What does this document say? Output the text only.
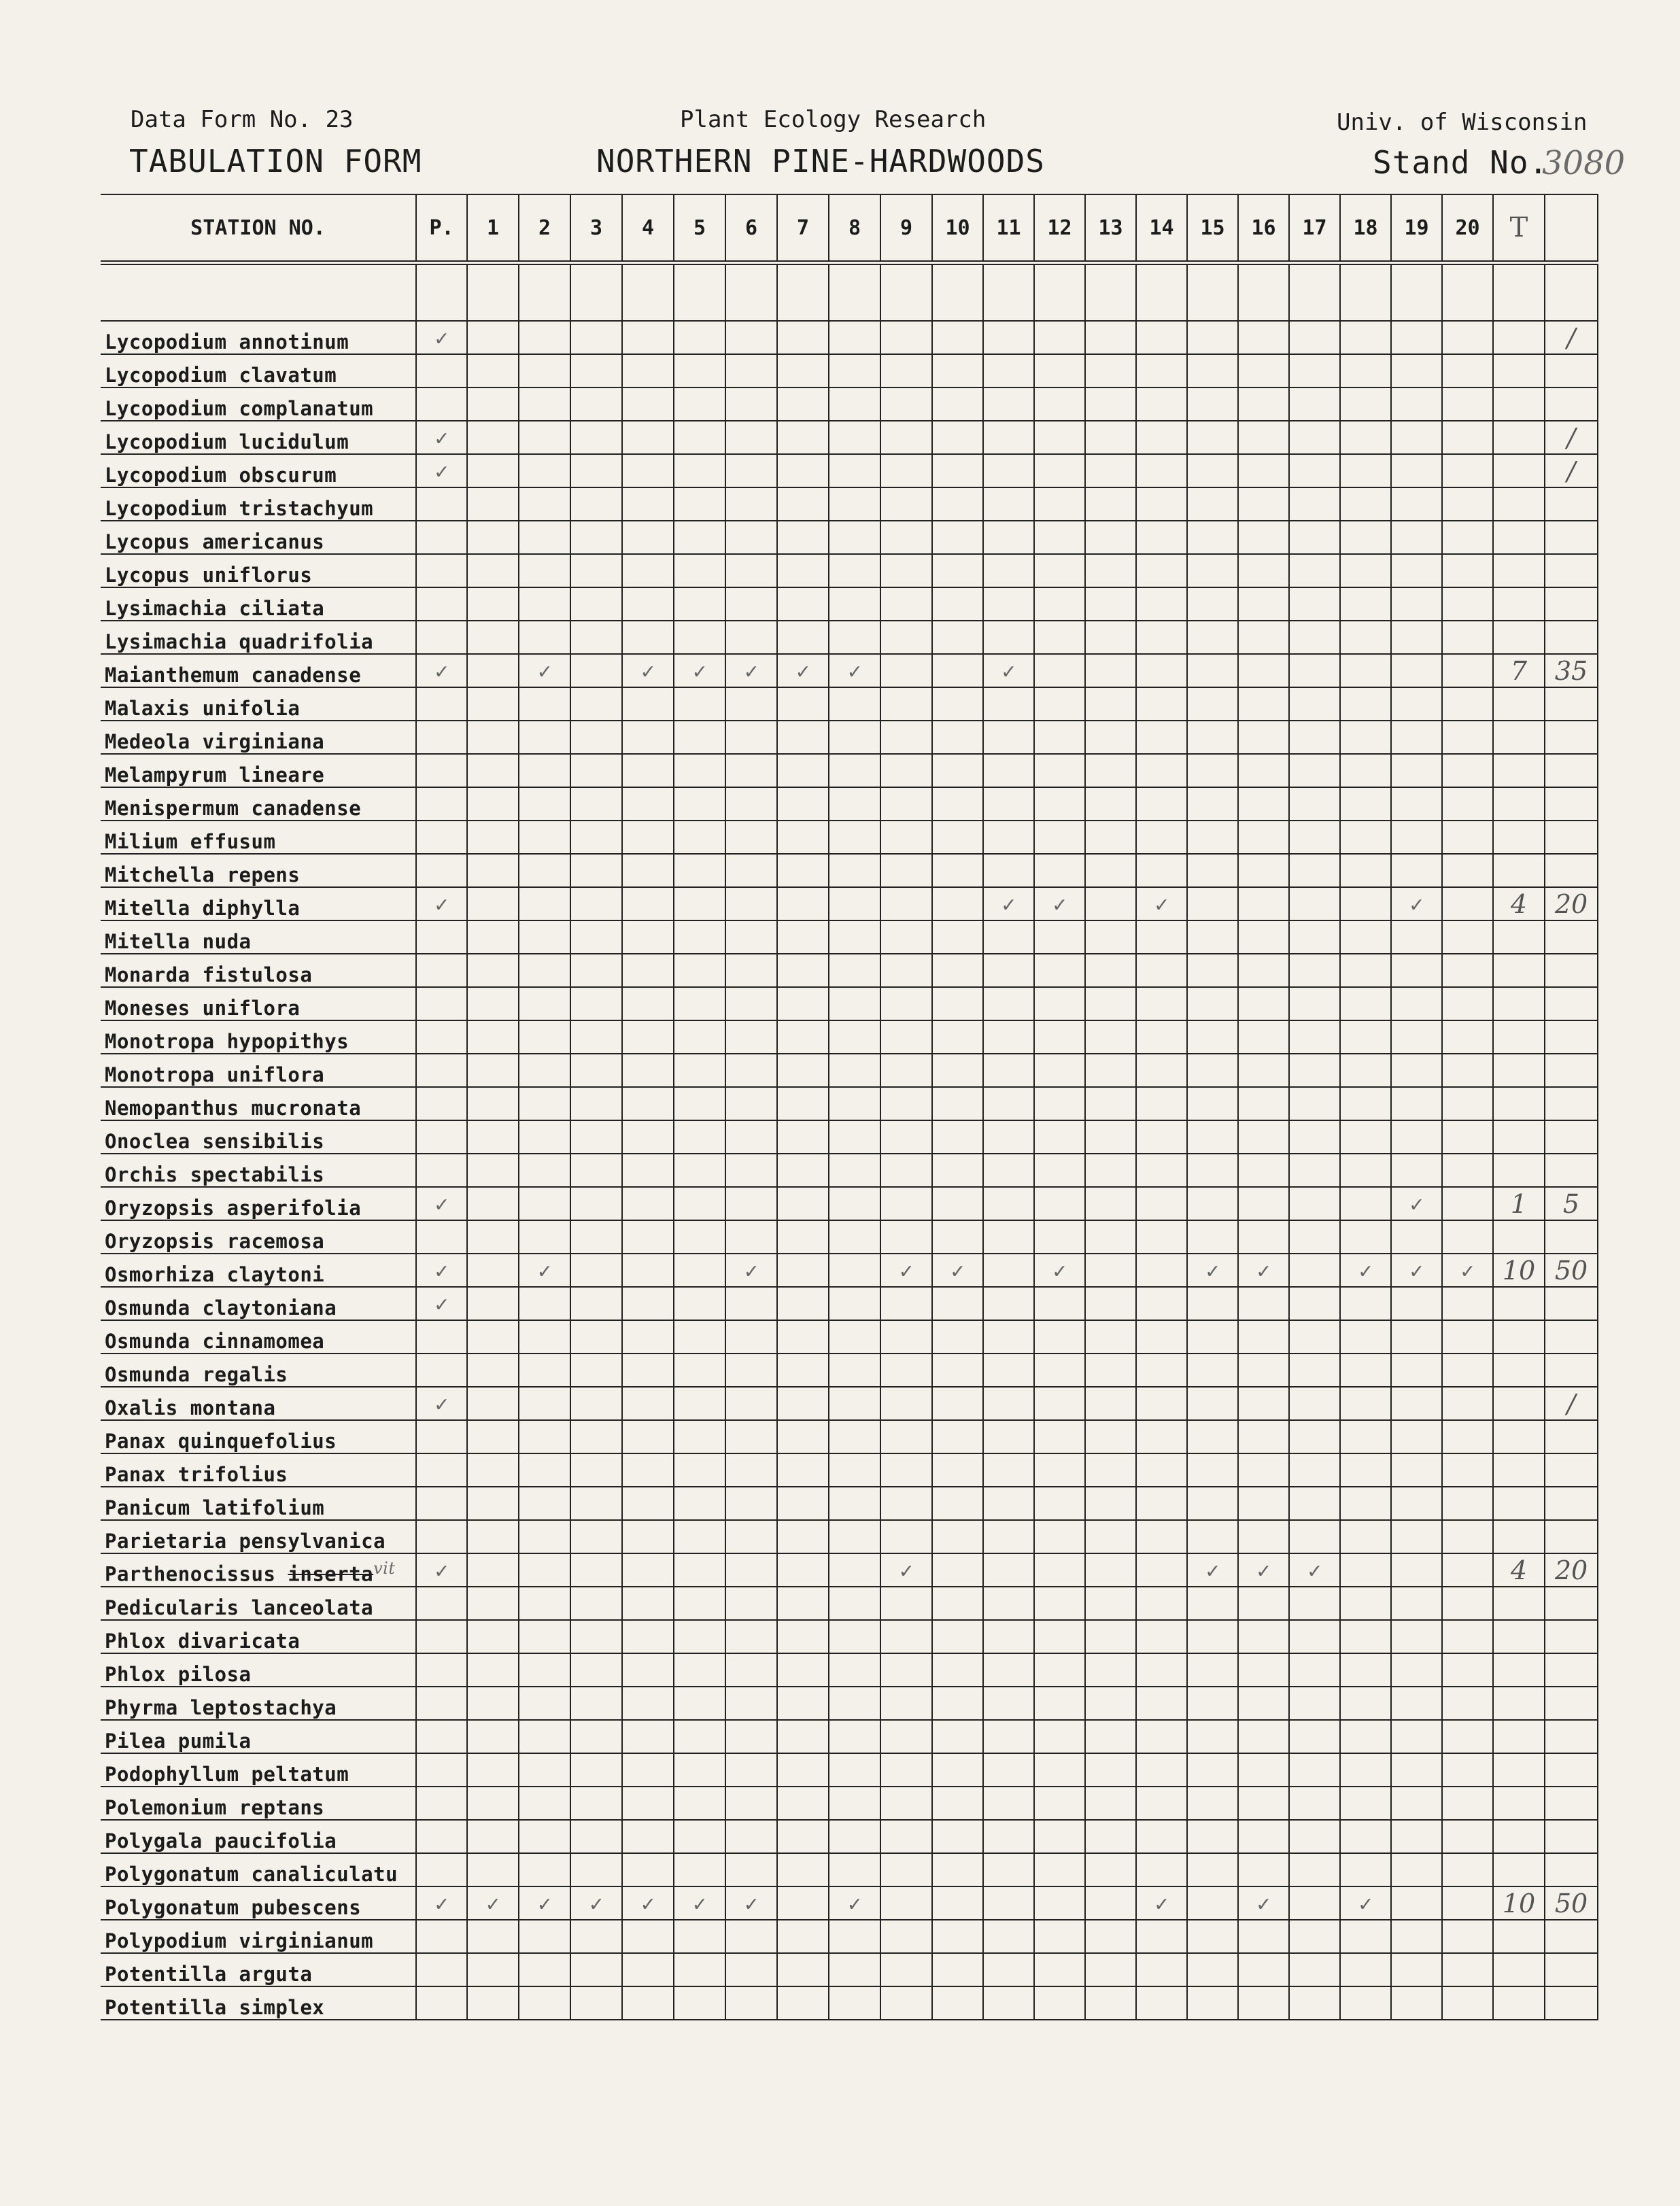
Data Form No. 23	Plant Ecology Research	Univ. of Wisconsin
TABULATION FORM	NORTHERN PINE-HARDWOODS	Stand No.
3080
STATION NO.	P.	1	2	3	4	5	6	7	8	9	10	11	12	13	14	15	16	17	18	19	20	T	

Lycopodium annotinum	✓																						/
Lycopodium clavatum																							
Lycopodium complanatum																							
Lycopodium lucidulum	✓																						/
Lycopodium obscurum	✓																						/
Lycopodium tristachyum																							
Lycopus americanus																							
Lycopus uniflorus																							
Lysimachia ciliata																							
Lysimachia quadrifolia																							
Maianthemum canadense	✓		✓		✓	✓	✓	✓	✓			✓										7	35
Malaxis unifolia																							
Medeola virginiana																							
Melampyrum lineare																							
Menispermum canadense																							
Milium effusum																							
Mitchella repens																							
Mitella diphylla	✓											✓	✓		✓					✓		4	20
Mitella nuda																							
Monarda fistulosa																							
Moneses uniflora																							
Monotropa hypopithys																							
Monotropa uniflora																							
Nemopanthus mucronata																							
Onoclea sensibilis																							
Orchis spectabilis																							
Oryzopsis asperifolia	✓																			✓		1	5
Oryzopsis racemosa																							
Osmorhiza claytoni	✓		✓				✓			✓	✓		✓			✓	✓		✓	✓	✓	10	50
Osmunda claytoniana	✓																						
Osmunda cinnamomea																							
Osmunda regalis																							
Oxalis montana	✓																						/
Panax quinquefolius																							
Panax trifolius																							
Panicum latifolium																							
Parietaria pensylvanica																							
Parthenocissus inserta$^{vit}$	✓									✓						✓	✓	✓				4	20
Pedicularis lanceolata																							
Phlox divaricata																							
Phlox pilosa																							
Phyrma leptostachya																							
Pilea pumila																							
Podophyllum peltatum																							
Polemonium reptans																							
Polygala paucifolia																							
Polygonatum canaliculatu																							
Polygonatum pubescens	✓	✓	✓	✓	✓	✓	✓		✓						✓		✓		✓			10	50
Polypodium virginianum																							
Potentilla arguta																							
Potentilla simplex																							
